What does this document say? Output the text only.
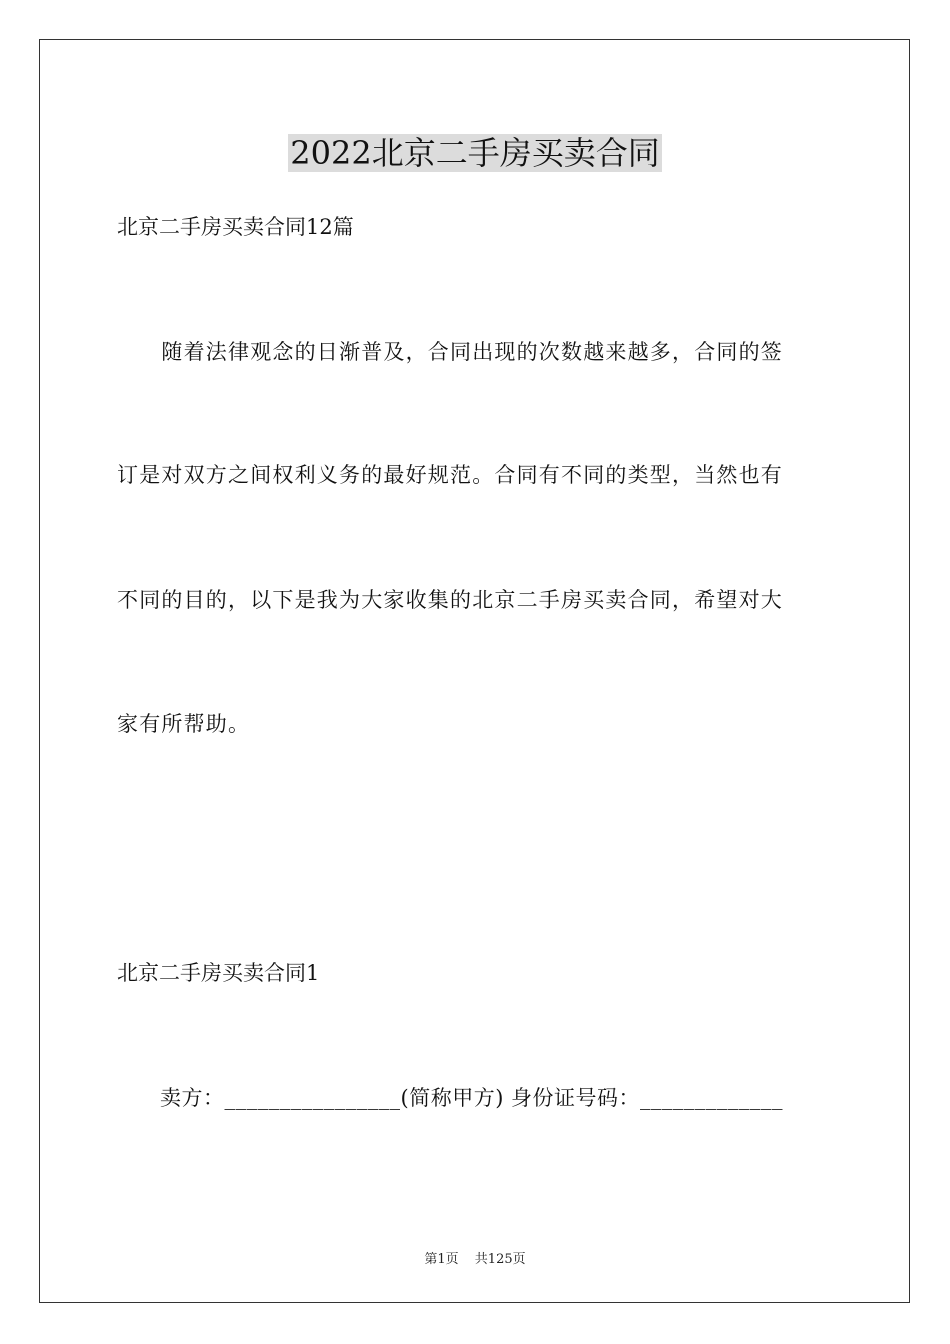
2022北京二手房买卖合同
北京二手房买卖合同12篇
　　随着法律观念的日渐普及，合同出现的次数越来越多，合同的签
订是对双方之间权利义务的最好规范。合同有不同的类型，当然也有
不同的目的，以下是我为大家收集的北京二手房买卖合同，希望对大
家有所帮助。
北京二手房买卖合同1
　　卖方：________________(简称甲方) 身份证号码：_____________
第1页 共125页
